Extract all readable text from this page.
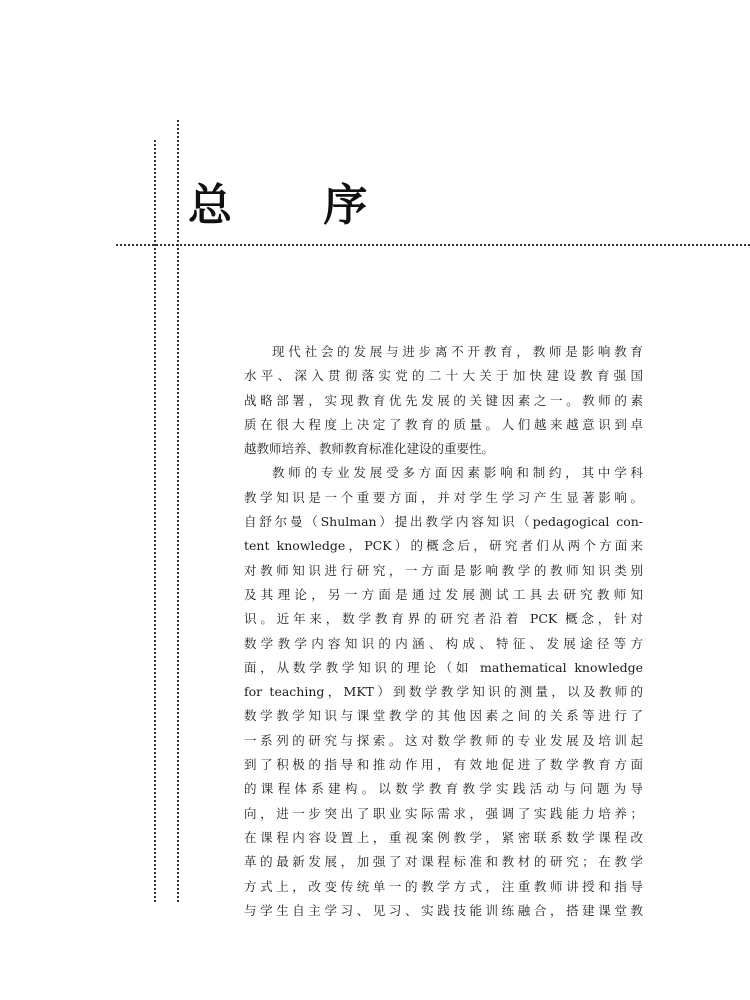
总 序
现代社会的发展与进步离不开教育，教师是影响教育
水平、深入贯彻落实党的二十大关于加快建设教育强国
战略部署，实现教育优先发展的关键因素之一。教师的素
质在很大程度上决定了教育的质量。人们越来越意识到卓
越教师培养、教师教育标准化建设的重要性。
教师的专业发展受多方面因素影响和制约，其中学科
教学知识是一个重要方面，并对学生学习产生显著影响。
自舒尔曼（Shulman）提出教学内容知识（pedagogical con-
tent knowledge，PCK）的概念后，研究者们从两个方面来
对教师知识进行研究，一方面是影响教学的教师知识类别
及其理论，另一方面是通过发展测试工具去研究教师知
识。近年来，数学教育界的研究者沿着 PCK 概念，针对
数学教学内容知识的内涵、构成、特征、发展途径等方
面，从数学教学知识的理论（如 mathematical knowledge
for teaching，MKT）到数学教学知识的测量，以及教师的
数学教学知识与课堂教学的其他因素之间的关系等进行了
一系列的研究与探索。这对数学教师的专业发展及培训起
到了积极的指导和推动作用，有效地促进了数学教育方面
的课程体系建构。以数学教育教学实践活动与问题为导
向，进一步突出了职业实际需求，强调了实践能力培养；
在课程内容设置上，重视案例教学，紧密联系数学课程改
革的最新发展，加强了对课程标准和教材的研究；在教学
方式上，改变传统单一的教学方式，注重教师讲授和指导
与学生自主学习、见习、实践技能训练融合，搭建课堂教
